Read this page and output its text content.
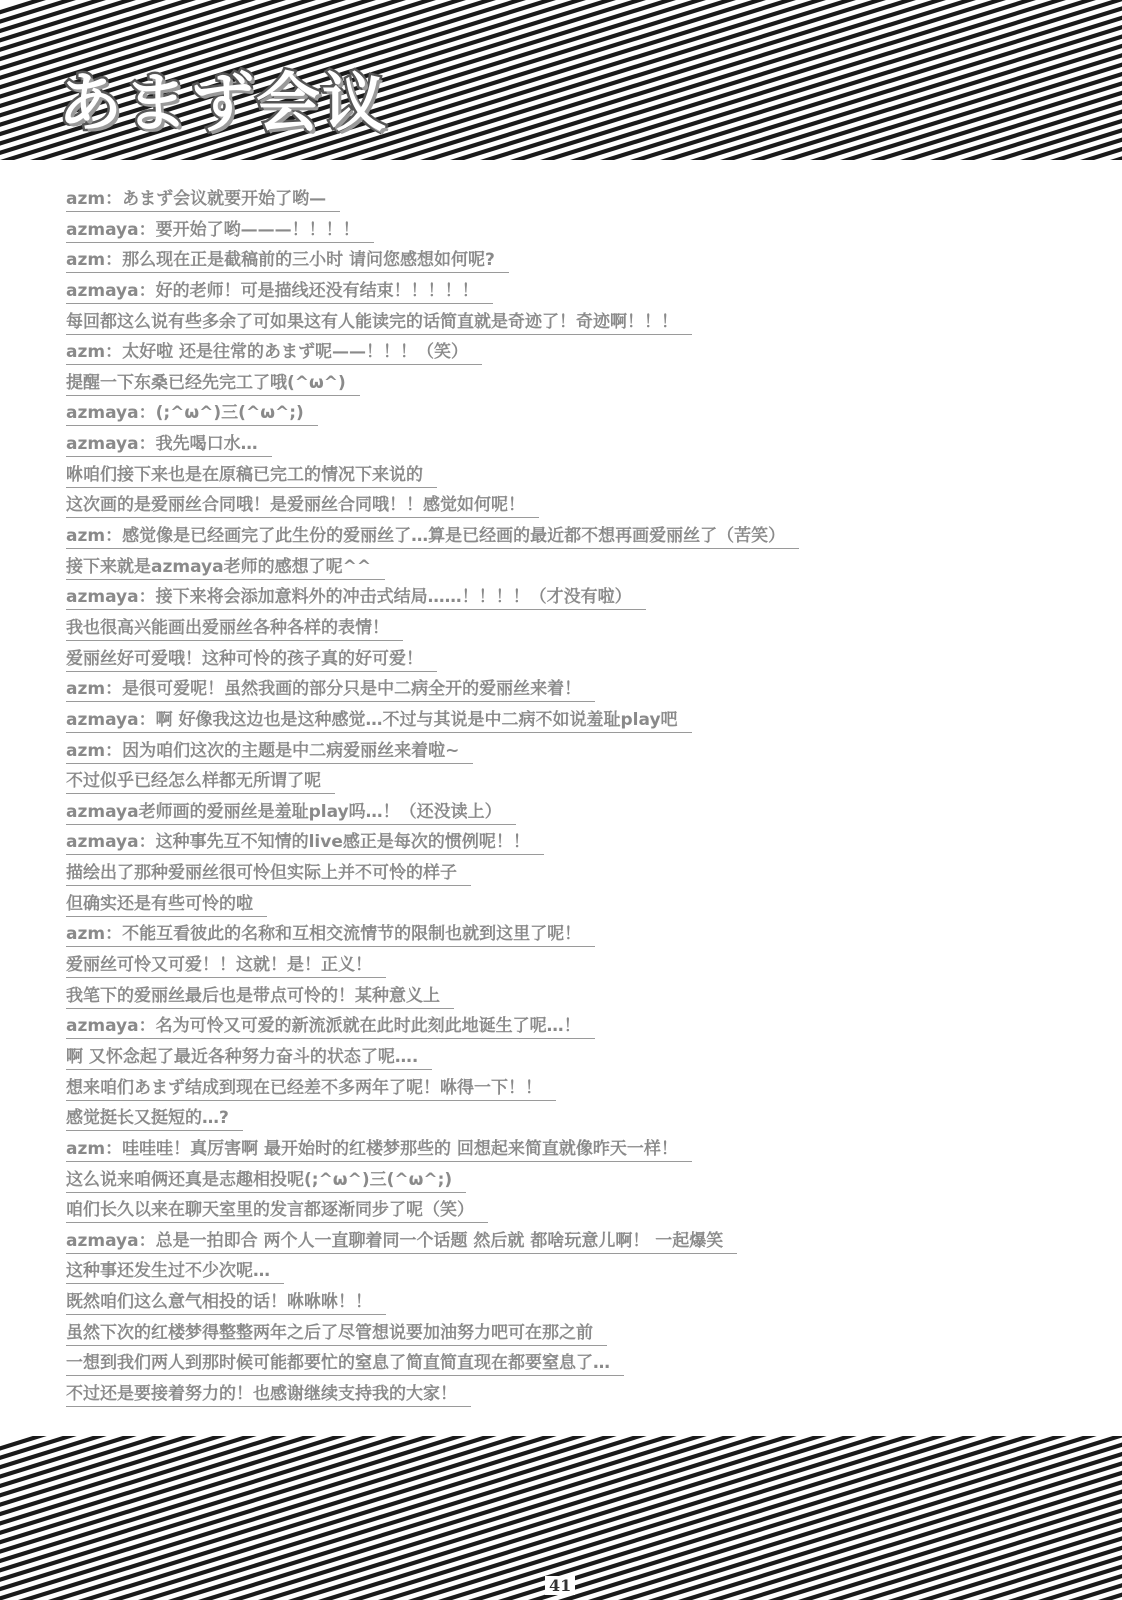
あまず会议
azm：あまず会议就要开始了哟—
azmaya：要开始了哟———！！！！
azm：那么现在正是截稿前的三小时 请问您感想如何呢?
azmaya：好的老师！可是描线还没有结束！！！！！
每回都这么说有些多余了可如果这有人能读完的话简直就是奇迹了！奇迹啊！！！
azm：太好啦 还是往常的あまず呢——！！！（笑）
提醒一下东桑已经先完工了哦(^ω^)
azmaya：(;^ω^)三(^ω^;)
azmaya：我先喝口水…
咻咱们接下来也是在原稿已完工的情况下来说的
这次画的是爱丽丝合同哦！是爱丽丝合同哦！！感觉如何呢！
azm：感觉像是已经画完了此生份的爱丽丝了…算是已经画的最近都不想再画爱丽丝了（苦笑）
接下来就是azmaya老师的感想了呢^^
azmaya：接下来将会添加意料外的冲击式结局……！！！！（才没有啦）
我也很高兴能画出爱丽丝各种各样的表情！
爱丽丝好可爱哦！这种可怜的孩子真的好可爱！
azm：是很可爱呢！虽然我画的部分只是中二病全开的爱丽丝来着！
azmaya：啊 好像我这边也是这种感觉…不过与其说是中二病不如说羞耻play吧
azm：因为咱们这次的主题是中二病爱丽丝来着啦~
不过似乎已经怎么样都无所谓了呢
azmaya老师画的爱丽丝是羞耻play吗…！（还没读上）
azmaya：这种事先互不知情的live感正是每次的惯例呢！！
描绘出了那种爱丽丝很可怜但实际上并不可怜的样子
但确实还是有些可怜的啦
azm：不能互看彼此的名称和互相交流情节的限制也就到这里了呢！
爱丽丝可怜又可爱！！这就！是！正义！
我笔下的爱丽丝最后也是带点可怜的！某种意义上
azmaya：名为可怜又可爱的新流派就在此时此刻此地诞生了呢…！
啊 又怀念起了最近各种努力奋斗的状态了呢….
想来咱们あまず结成到现在已经差不多两年了呢！咻得一下！！
感觉挺长又挺短的…?
azm：哇哇哇！真厉害啊 最开始时的红楼梦那些的 回想起来简直就像昨天一样！
这么说来咱俩还真是志趣相投呢(;^ω^)三(^ω^;)
咱们长久以来在聊天室里的发言都逐渐同步了呢（笑）
azmaya：总是一拍即合 两个人一直聊着同一个话题 然后就 都啥玩意儿啊！ 一起爆笑
这种事还发生过不少次呢…
既然咱们这么意气相投的话！咻咻咻！！
虽然下次的红楼梦得整整两年之后了尽管想说要加油努力吧可在那之前
一想到我们两人到那时候可能都要忙的窒息了简直简直现在都要窒息了…
不过还是要接着努力的！也感谢继续支持我的大家！
41
